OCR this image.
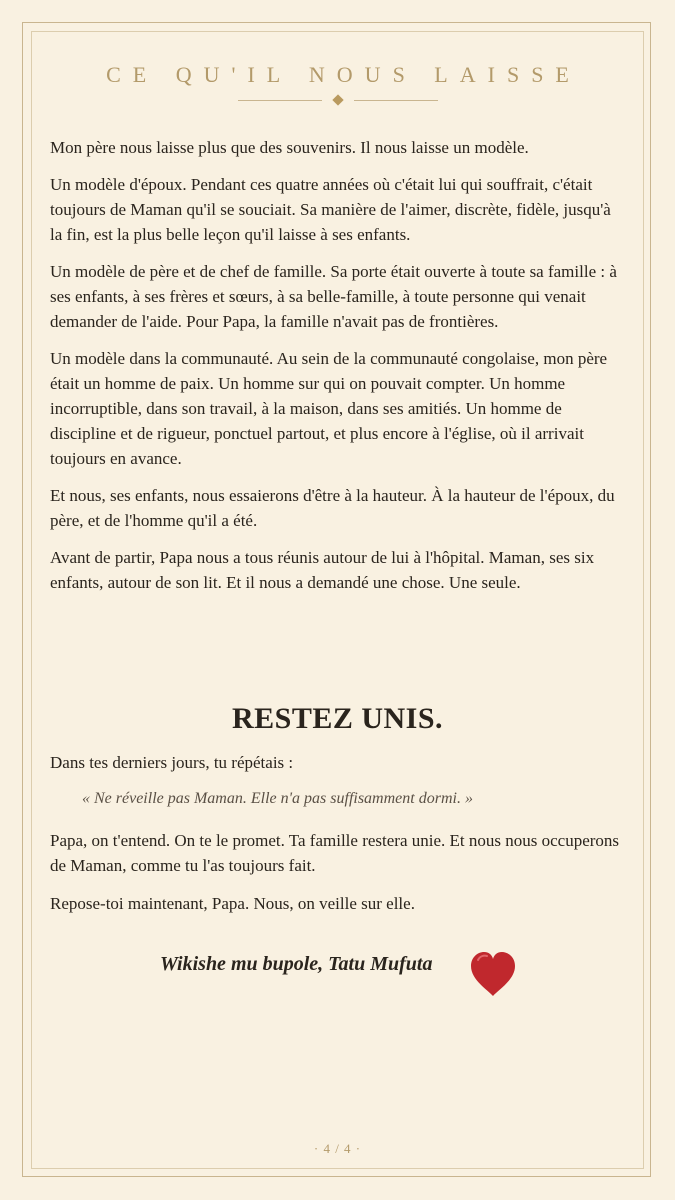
CE QU'IL NOUS LAISSE

Mon père nous laisse plus que des souvenirs. Il nous laisse un modèle.

Un modèle d'époux. Pendant ces quatre années où c'était lui qui souffrait, c'était toujours de Maman qu'il se souciait. Sa manière de l'aimer, discrète, fidèle, jusqu'à la fin, est la plus belle leçon qu'il laisse à ses enfants.

Un modèle de père et de chef de famille. Sa porte était ouverte à toute sa famille : à ses enfants, à ses frères et sœurs, à sa belle-famille, à toute personne qui venait demander de l'aide. Pour Papa, la famille n'avait pas de frontières.

Un modèle dans la communauté. Au sein de la communauté congolaise, mon père était un homme de paix. Un homme sur qui on pouvait compter. Un homme incorruptible, dans son travail, à la maison, dans ses amitiés. Un homme de discipline et de rigueur, ponctuel partout, et plus encore à l'église, où il arrivait toujours en avance.

Et nous, ses enfants, nous essaierons d'être à la hauteur. À la hauteur de l'époux, du père, et de l'homme qu'il a été.

Avant de partir, Papa nous a tous réunis autour de lui à l'hôpital. Maman, ses six enfants, autour de son lit. Et il nous a demandé une chose. Une seule.

RESTEZ UNIS.

Dans tes derniers jours, tu répétais :

« Ne réveille pas Maman. Elle n'a pas suffisamment dormi. »

Papa, on t'entend. On te le promet. Ta famille restera unie. Et nous nous occuperons de Maman, comme tu l'as toujours fait.

Repose-toi maintenant, Papa. Nous, on veille sur elle.

Wikishe mu bupole, Tatu Mufuta
· 4 / 4 ·
